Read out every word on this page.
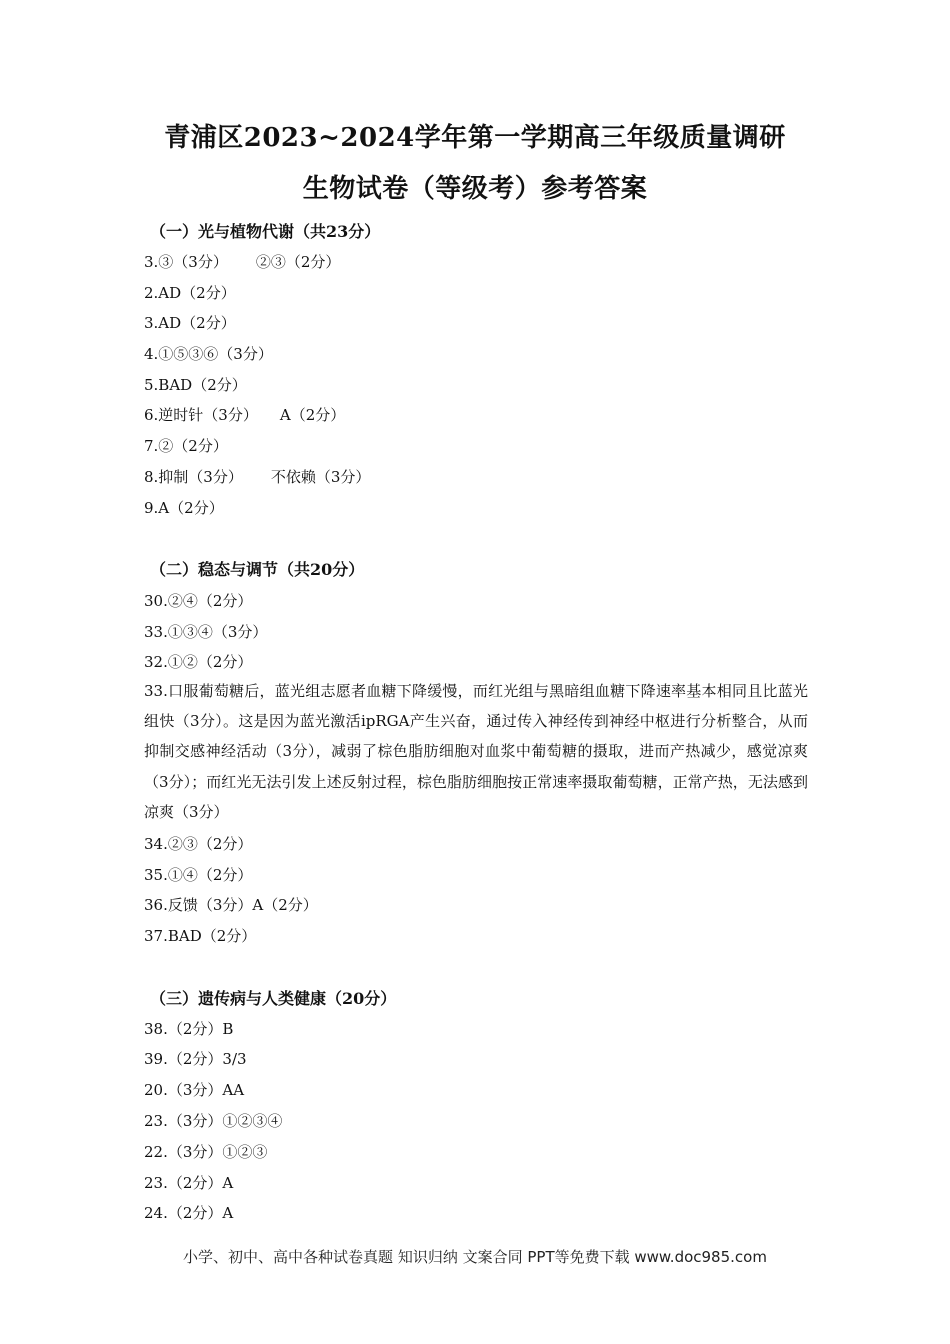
青浦区2023~2024学年第一学期高三年级质量调研
生物试卷（等级考）参考答案
（一）光与植物代谢（共23分）
3.③（3分） ②③（2分）
2.AD（2分）
3.AD（2分）
4.①⑤③⑥（3分）
5.BAD（2分）
6.逆时针（3分） A（2分）
7.②（2分）
8.抑制（3分） 不依赖（3分）
9.A（2分）
（二）稳态与调节（共20分）
30.②④（2分）
33.①③④（3分）
32.①②（2分）
33.口服葡萄糖后，蓝光组志愿者血糖下降缓慢，而红光组与黑暗组血糖下降速率基本相同且比蓝光组快（3分）。这是因为蓝光激活ipRGA产生兴奋，通过传入神经传到神经中枢进行分析整合，从而抑制交感神经活动（3分），减弱了棕色脂肪细胞对血浆中葡萄糖的摄取，进而产热减少，感觉凉爽（3分）；而红光无法引发上述反射过程，棕色脂肪细胞按正常速率摄取葡萄糖，正常产热，无法感到凉爽（3分）
34.②③（2分）
35.①④（2分）
36.反馈（3分）A（2分）
37.BAD（2分）
（三）遗传病与人类健康（20分）
38.（2分）B
39.（2分）3/3
20.（3分）AA
23.（3分）①②③④
22.（3分）①②③
23.（2分）A
24.（2分）A
小学、初中、高中各种试卷真题 知识归纳 文案合同 PPT等免费下载 www.doc985.com
